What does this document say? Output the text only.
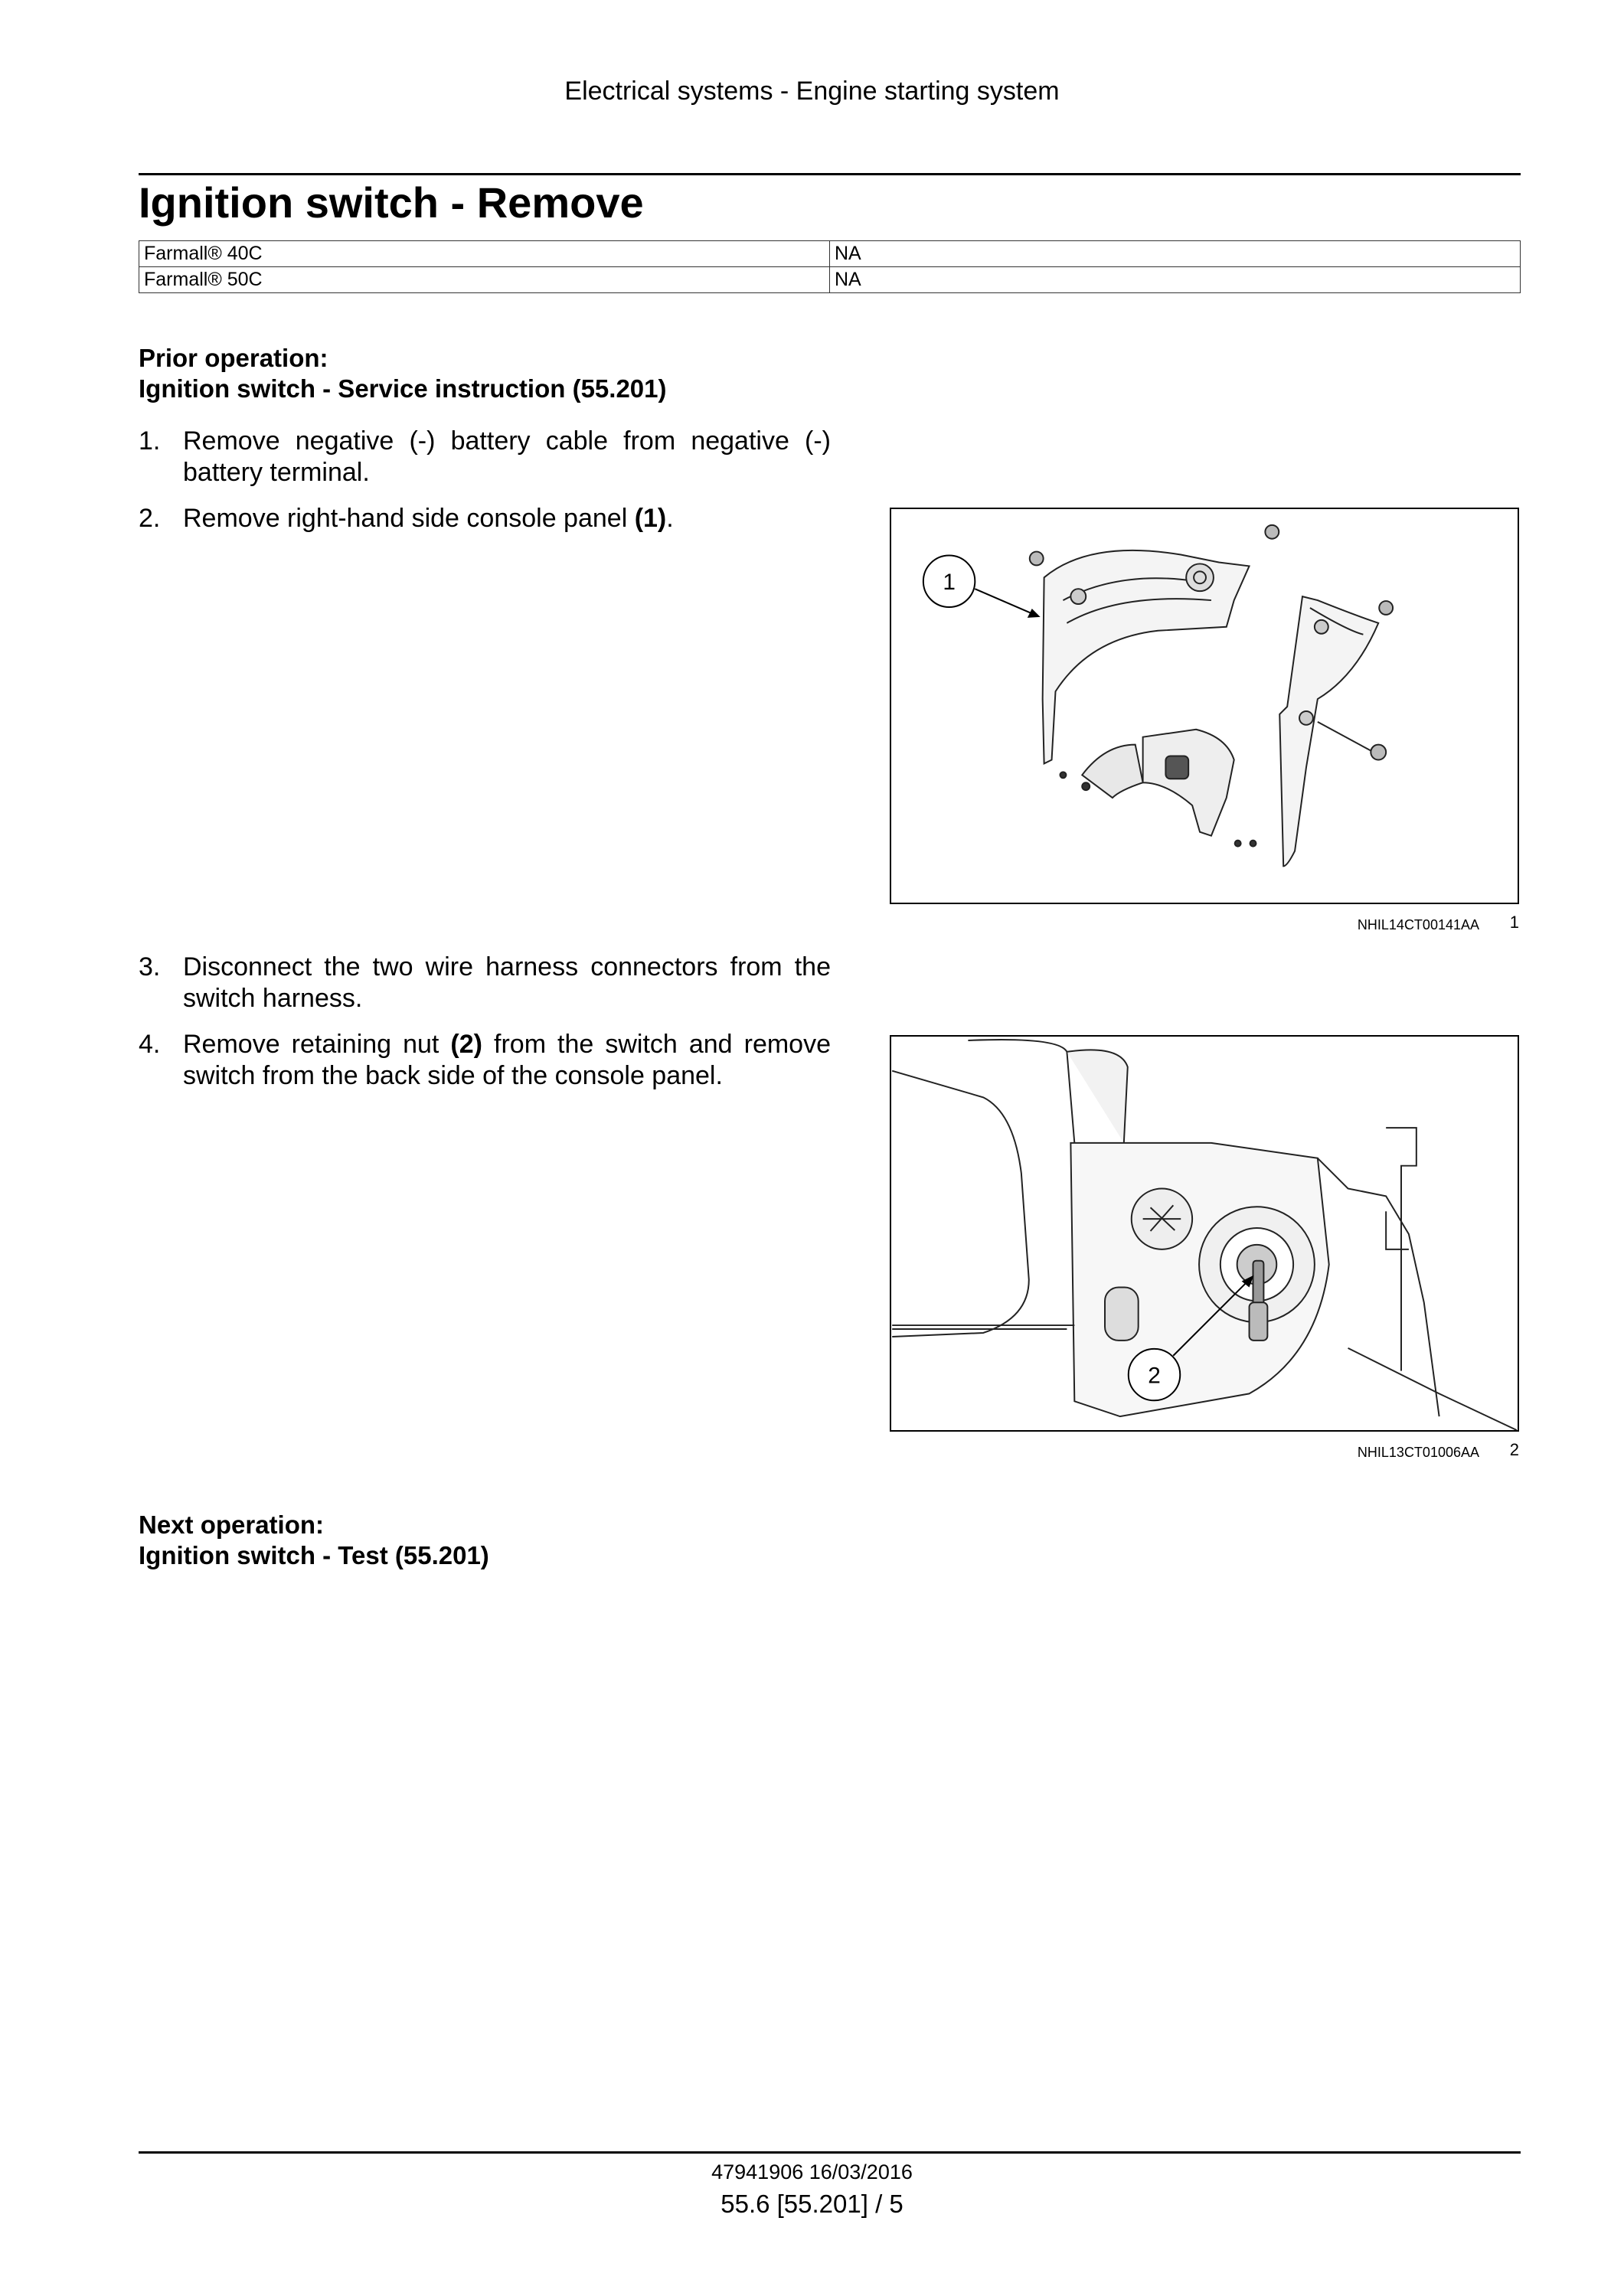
Electrical systems - Engine starting system
Ignition switch - Remove
Farmall® 40C	NA
Farmall® 50C	NA
Prior operation:
Ignition switch - Service instruction (55.201)
1. Remove negative (-) battery cable from negative (-) battery terminal.
2. Remove right-hand side console panel (1).
1
NHIL14CT00141AA 1
3. Disconnect the two wire harness connectors from the switch harness.
4. Remove retaining nut (2) from the switch and remove switch from the back side of the console panel.
2
NHIL13CT01006AA 2
Next operation:
Ignition switch - Test (55.201)
47941906 16/03/2016
55.6 [55.201] / 5
